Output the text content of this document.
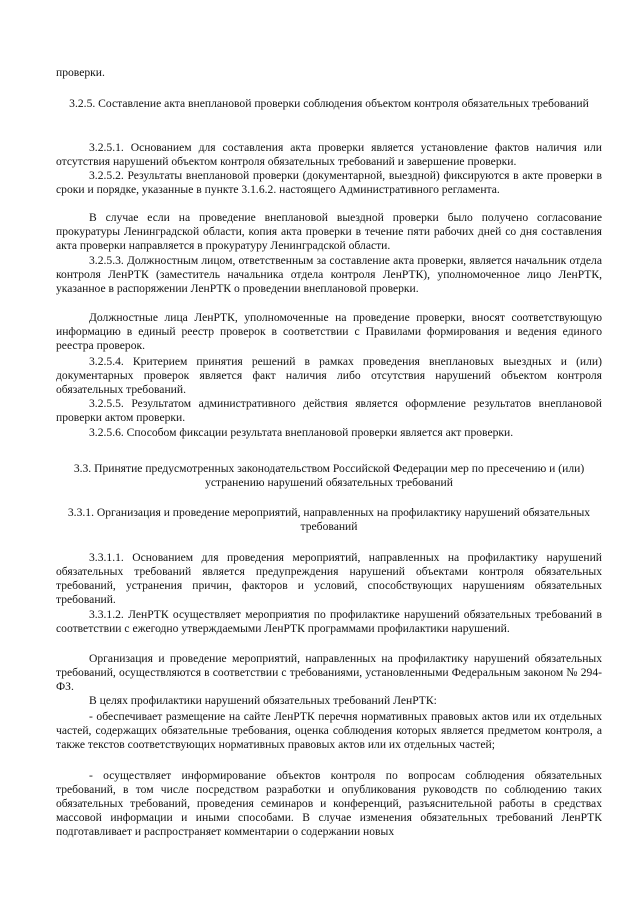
проверки.

3.2.5. Составление акта внеплановой проверки соблюдения объектом контроля обязательных требований

3.2.5.1. Основанием для составления акта проверки является установление фактов наличия или отсутствия нарушений объектом контроля обязательных требований и завершение проверки.

3.2.5.2. Результаты внеплановой проверки (документарной, выездной) фиксируются в акте проверки в сроки и порядке, указанные в пункте 3.1.6.2. настоящего Административного регламента.

В случае если на проведение внеплановой выездной проверки было получено согласование прокуратуры Ленинградской области, копия акта проверки в течение пяти рабочих дней со дня составления акта проверки направляется в прокуратуру Ленинградской области.

3.2.5.3. Должностным лицом, ответственным за составление акта проверки, является начальник отдела контроля ЛенРТК (заместитель начальника отдела контроля ЛенРТК), уполномоченное лицо ЛенРТК, указанное в распоряжении ЛенРТК о проведении внеплановой проверки.

Должностные лица ЛенРТК, уполномоченные на проведение проверки, вносят соответствующую информацию в единый реестр проверок в соответствии с Правилами формирования и ведения единого реестра проверок.

3.2.5.4. Критерием принятия решений в рамках проведения внеплановых выездных и (или) документарных проверок является факт наличия либо отсутствия нарушений объектом контроля обязательных требований.

3.2.5.5. Результатом административного действия является оформление результатов внеплановой проверки актом проверки.

3.2.5.6. Способом фиксации результата внеплановой проверки является акт проверки.

3.3. Принятие предусмотренных законодательством Российской Федерации мер по пресечению и (или) устранению нарушений обязательных требований

3.3.1. Организация и проведение мероприятий, направленных на профилактику нарушений обязательных требований

3.3.1.1. Основанием для проведения мероприятий, направленных на профилактику нарушений обязательных требований является предупреждения нарушений объектами контроля обязательных требований, устранения причин, факторов и условий, способствующих нарушениям обязательных требований.

3.3.1.2. ЛенРТК осуществляет мероприятия по профилактике нарушений обязательных требований в соответствии с ежегодно утверждаемыми ЛенРТК программами профилактики нарушений.

Организация и проведение мероприятий, направленных на профилактику нарушений обязательных требований, осуществляются в соответствии с требованиями, установленными Федеральным законом № 294-ФЗ.

В целях профилактики нарушений обязательных требований ЛенРТК:

- обеспечивает размещение на сайте ЛенРТК перечня нормативных правовых актов или их отдельных частей, содержащих обязательные требования, оценка соблюдения которых является предметом контроля, а также текстов соответствующих нормативных правовых актов или их отдельных частей;

- осуществляет информирование объектов контроля по вопросам соблюдения обязательных требований, в том числе посредством разработки и опубликования руководств по соблюдению таких обязательных требований, проведения семинаров и конференций, разъяснительной работы в средствах массовой информации и иными способами. В случае изменения обязательных требований ЛенРТК подготавливает и распространяет комментарии о содержании новых
